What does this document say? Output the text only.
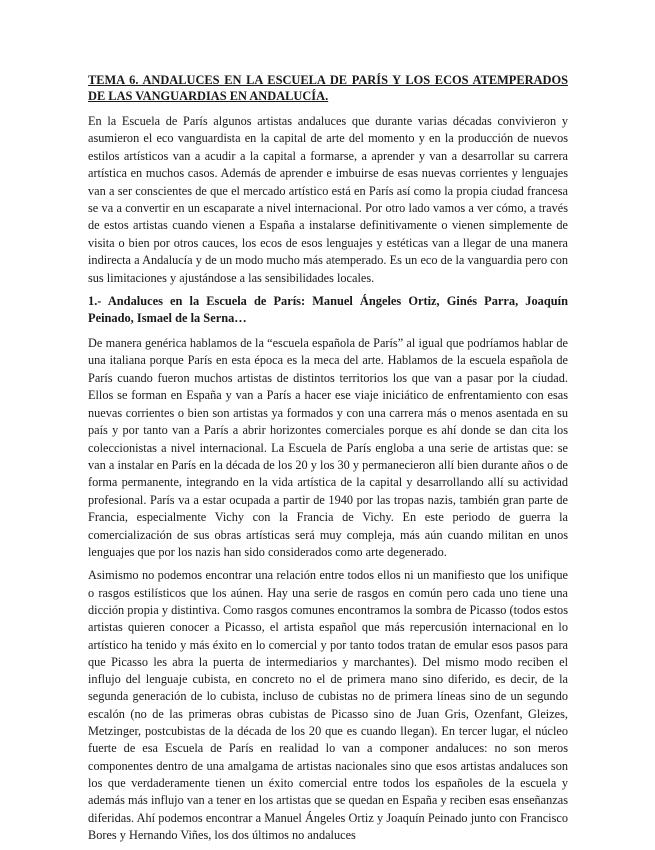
TEMA 6. ANDALUCES EN LA ESCUELA DE PARÍS Y LOS ECOS ATEMPERADOS DE LAS VANGUARDIAS EN ANDALUCÍA.
En la Escuela de París algunos artistas andaluces que durante varias décadas convivieron y asumieron el eco vanguardista en la capital de arte del momento y en la producción de nuevos estilos artísticos van a acudir a la capital a formarse, a aprender y van a desarrollar su carrera artística en muchos casos. Además de aprender e imbuirse de esas nuevas corrientes y lenguajes van a ser conscientes de que el mercado artístico está en París así como la propia ciudad francesa se va a convertir en un escaparate a nivel internacional. Por otro lado vamos a ver cómo, a través de estos artistas cuando vienen a España a instalarse definitivamente o vienen simplemente de visita o bien por otros cauces, los ecos de esos lenguajes y estéticas van a llegar de una manera indirecta a Andalucía y de un modo mucho más atemperado. Es un eco de la vanguardia pero con sus limitaciones y ajustándose a las sensibilidades locales.
1.- Andaluces en la Escuela de París: Manuel Ángeles Ortiz, Ginés Parra, Joaquín Peinado, Ismael de la Serna…
De manera genérica hablamos de la “escuela española de París” al igual que podríamos hablar de una italiana porque París en esta época es la meca del arte. Hablamos de la escuela española de París cuando fueron muchos artistas de distintos territorios los que van a pasar por la ciudad. Ellos se forman en España y van a París a hacer ese viaje iniciático de enfrentamiento con esas nuevas corrientes o bien son artistas ya formados y con una carrera más o menos asentada en su país y por tanto van a París a abrir horizontes comerciales porque es ahí donde se dan cita los coleccionistas a nivel internacional. La Escuela de París engloba a una serie de artistas que: se van a instalar en París en la década de los 20 y los 30 y permanecieron allí bien durante años o de forma permanente, integrando en la vida artística de la capital y desarrollando allí su actividad profesional. París va a estar ocupada a partir de 1940 por las tropas nazis, también gran parte de Francia, especialmente Vichy con la Francia de Vichy. En este periodo de guerra la comercialización de sus obras artísticas será muy compleja, más aún cuando militan en unos lenguajes que por los nazis han sido considerados como arte degenerado.
Asimismo no podemos encontrar una relación entre todos ellos ni un manifiesto que los unifique o rasgos estilísticos que los aúnen. Hay una serie de rasgos en común pero cada uno tiene una dicción propia y distintiva. Como rasgos comunes encontramos la sombra de Picasso (todos estos artistas quieren conocer a Picasso, el artista español que más repercusión internacional en lo artístico ha tenido y más éxito en lo comercial y por tanto todos tratan de emular esos pasos para que Picasso les abra la puerta de intermediarios y marchantes). Del mismo modo reciben el influjo del lenguaje cubista, en concreto no el de primera mano sino diferido, es decir, de la segunda generación de lo cubista, incluso de cubistas no de primera líneas sino de un segundo escalón (no de las primeras obras cubistas de Picasso sino de Juan Gris, Ozenfant, Gleizes, Metzinger, postcubistas de la década de los 20 que es cuando llegan). En tercer lugar, el núcleo fuerte de esa Escuela de París en realidad lo van a componer andaluces: no son meros componentes dentro de una amalgama de artistas nacionales sino que esos artistas andaluces son los que verdaderamente tienen un éxito comercial entre todos los españoles de la escuela y además más influjo van a tener en los artistas que se quedan en España y reciben esas enseñanzas diferidas. Ahí podemos encontrar a Manuel Ángeles Ortiz y Joaquín Peinado junto con Francisco Bores y Hernando Viñes, los dos últimos no andaluces
